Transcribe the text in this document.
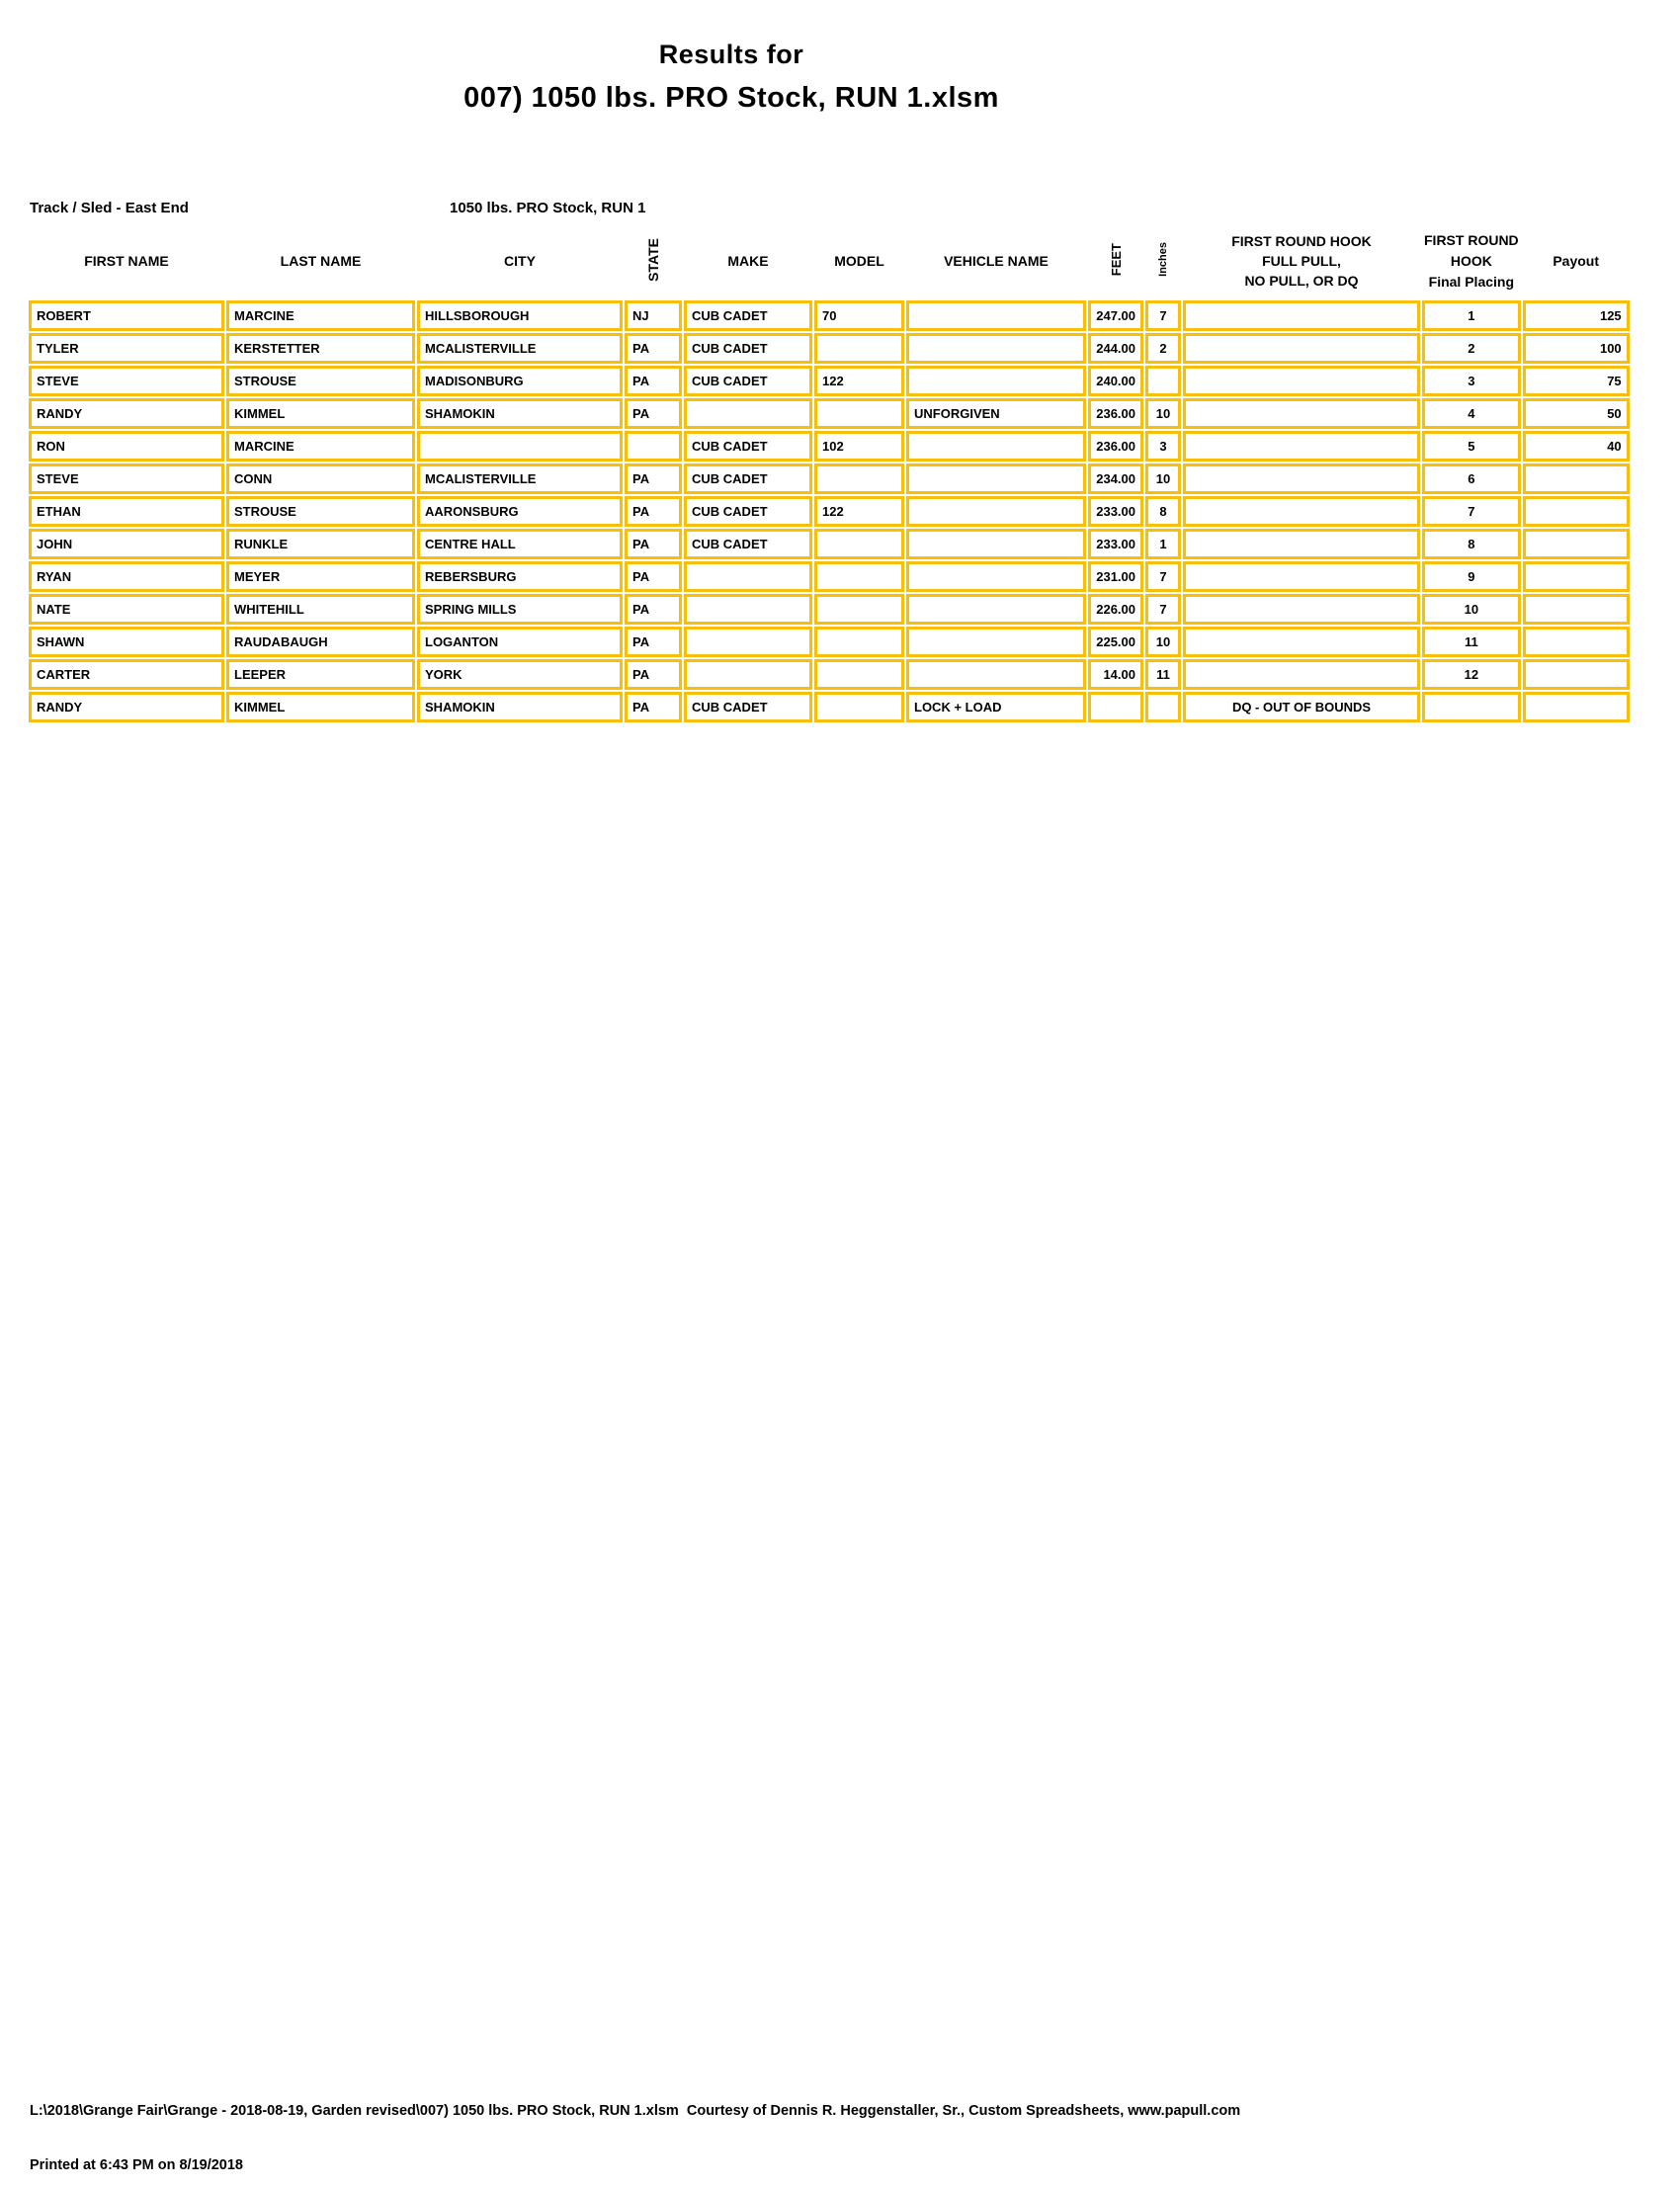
Results for
007) 1050 lbs. PRO Stock, RUN 1.xlsm
Track / Sled - East End	1050 lbs. PRO Stock, RUN 1
FIRST NAME	LAST NAME	CITY	STATE	MAKE	MODEL	VEHICLE NAME	FEET	Inches	
FIRST ROUND HOOK
FULL PULL,
NO PULL, OR DQ

FIRST ROUND
HOOK
Final Placing
	Payout
ROBERT	MARCINE	HILLSBOROUGH	NJ	CUB CADET	70		247.00	7		1	125
TYLER	KERSTETTER	MCALISTERVILLE	PA	CUB CADET			244.00	2		2	100
STEVE	STROUSE	MADISONBURG	PA	CUB CADET	122		240.00			3	75
RANDY	KIMMEL	SHAMOKIN	PA			UNFORGIVEN	236.00	10		4	50
RON	MARCINE			CUB CADET	102		236.00	3		5	40
STEVE	CONN	MCALISTERVILLE	PA	CUB CADET			234.00	10		6	
ETHAN	STROUSE	AARONSBURG	PA	CUB CADET	122		233.00	8		7	
JOHN	RUNKLE	CENTRE HALL	PA	CUB CADET			233.00	1		8	
RYAN	MEYER	REBERSBURG	PA				231.00	7		9	
NATE	WHITEHILL	SPRING MILLS	PA				226.00	7		10	
SHAWN	RAUDABAUGH	LOGANTON	PA				225.00	10		11	
CARTER	LEEPER	YORK	PA				14.00	11		12	
RANDY	KIMMEL	SHAMOKIN	PA	CUB CADET		LOCK + LOAD			DQ - OUT OF BOUNDS		

L:\2018\Grange Fair\Grange - 2018-08-19, Garden revised\007) 1050 lbs. PRO Stock, RUN 1.xlsm  Courtesy of Dennis R. Heggenstaller, Sr., Custom Spreadsheets, www.papull.com

Printed at 6:43 PM on 8/19/2018
